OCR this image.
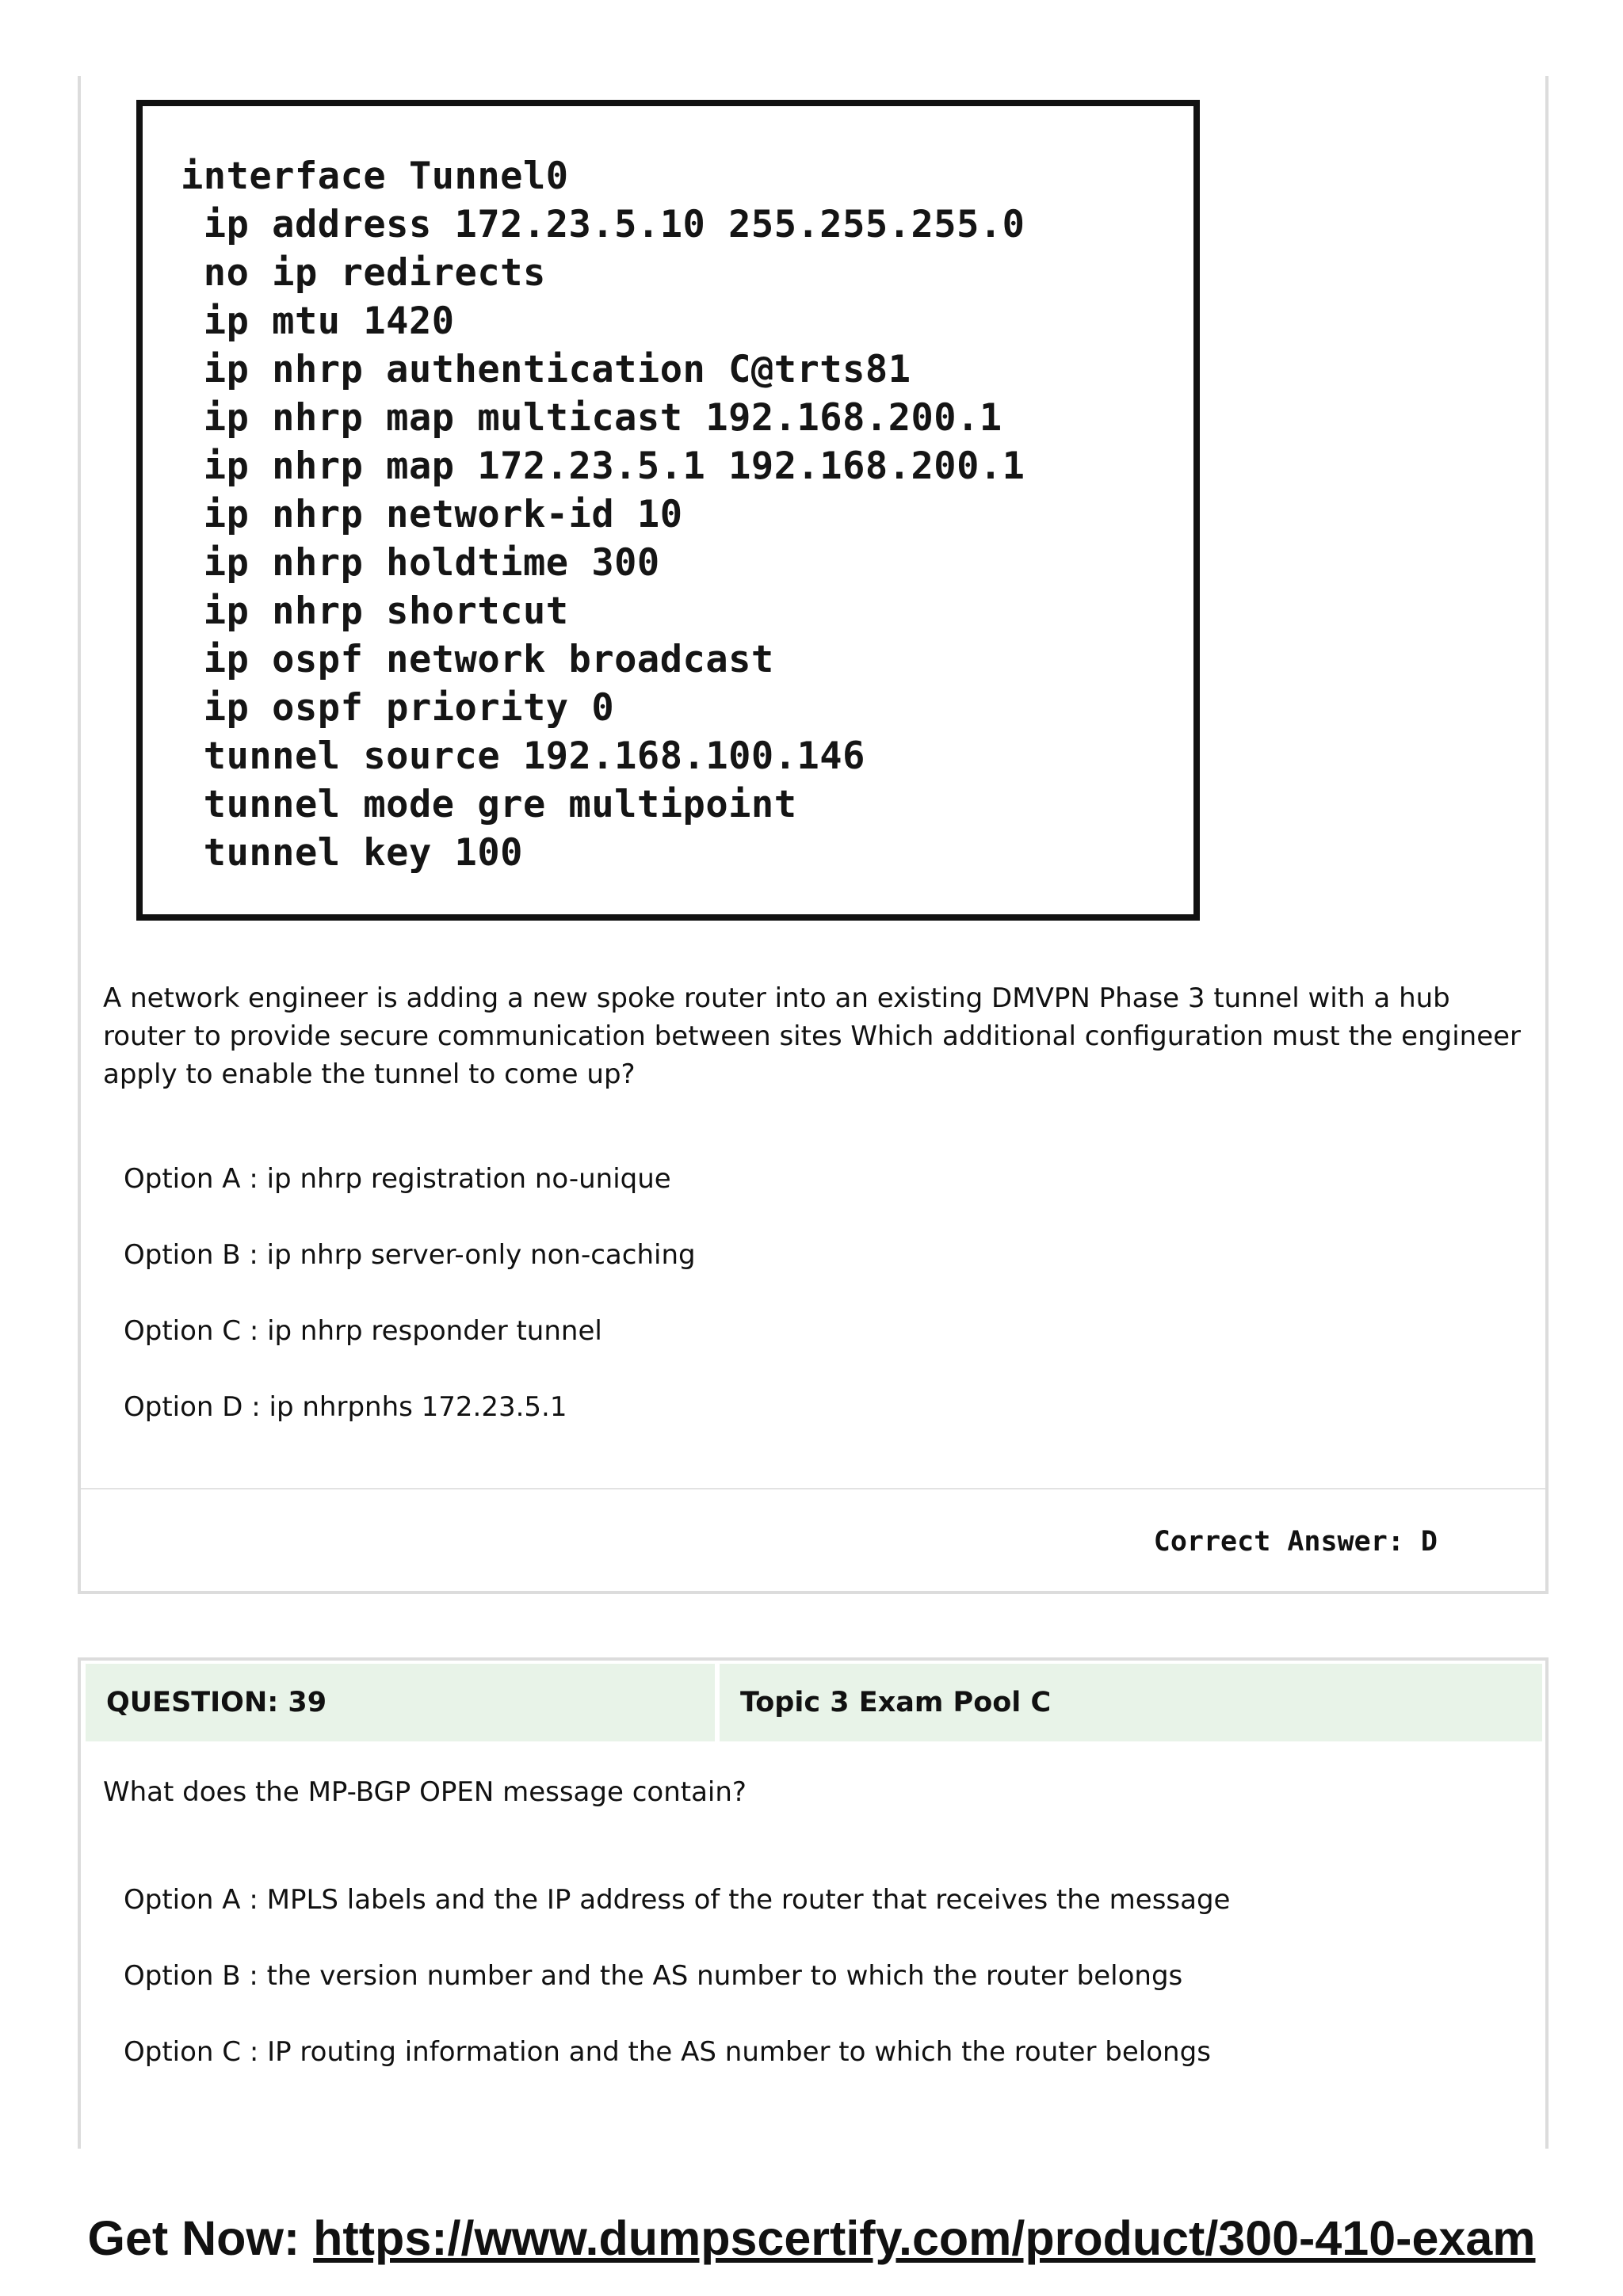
interface Tunnel0
ip address 172.23.5.10 255.255.255.0
no ip redirects
ip mtu 1420
ip nhrp authentication C@trts81
ip nhrp map multicast 192.168.200.1
ip nhrp map 172.23.5.1 192.168.200.1
ip nhrp network-id 10
ip nhrp holdtime 300
ip nhrp shortcut
ip ospf network broadcast
ip ospf priority 0
tunnel source 192.168.100.146
tunnel mode gre multipoint
tunnel key 100
A network engineer is adding a new spoke router into an existing DMVPN Phase 3 tunnel with a hub router to provide secure communication between sites Which additional configuration must the engineer apply to enable the tunnel to come up?
Option A : ip nhrp registration no-unique
Option B : ip nhrp server-only non-caching
Option C : ip nhrp responder tunnel
Option D : ip nhrpnhs 172.23.5.1
Correct Answer: D
QUESTION: 39	Topic 3 Exam Pool C
What does the MP-BGP OPEN message contain?
Option A : MPLS labels and the IP address of the router that receives the message
Option B : the version number and the AS number to which the router belongs
Option C : IP routing information and the AS number to which the router belongs
Get Now: https://www.dumpscertify.com/product/300-410-exam
